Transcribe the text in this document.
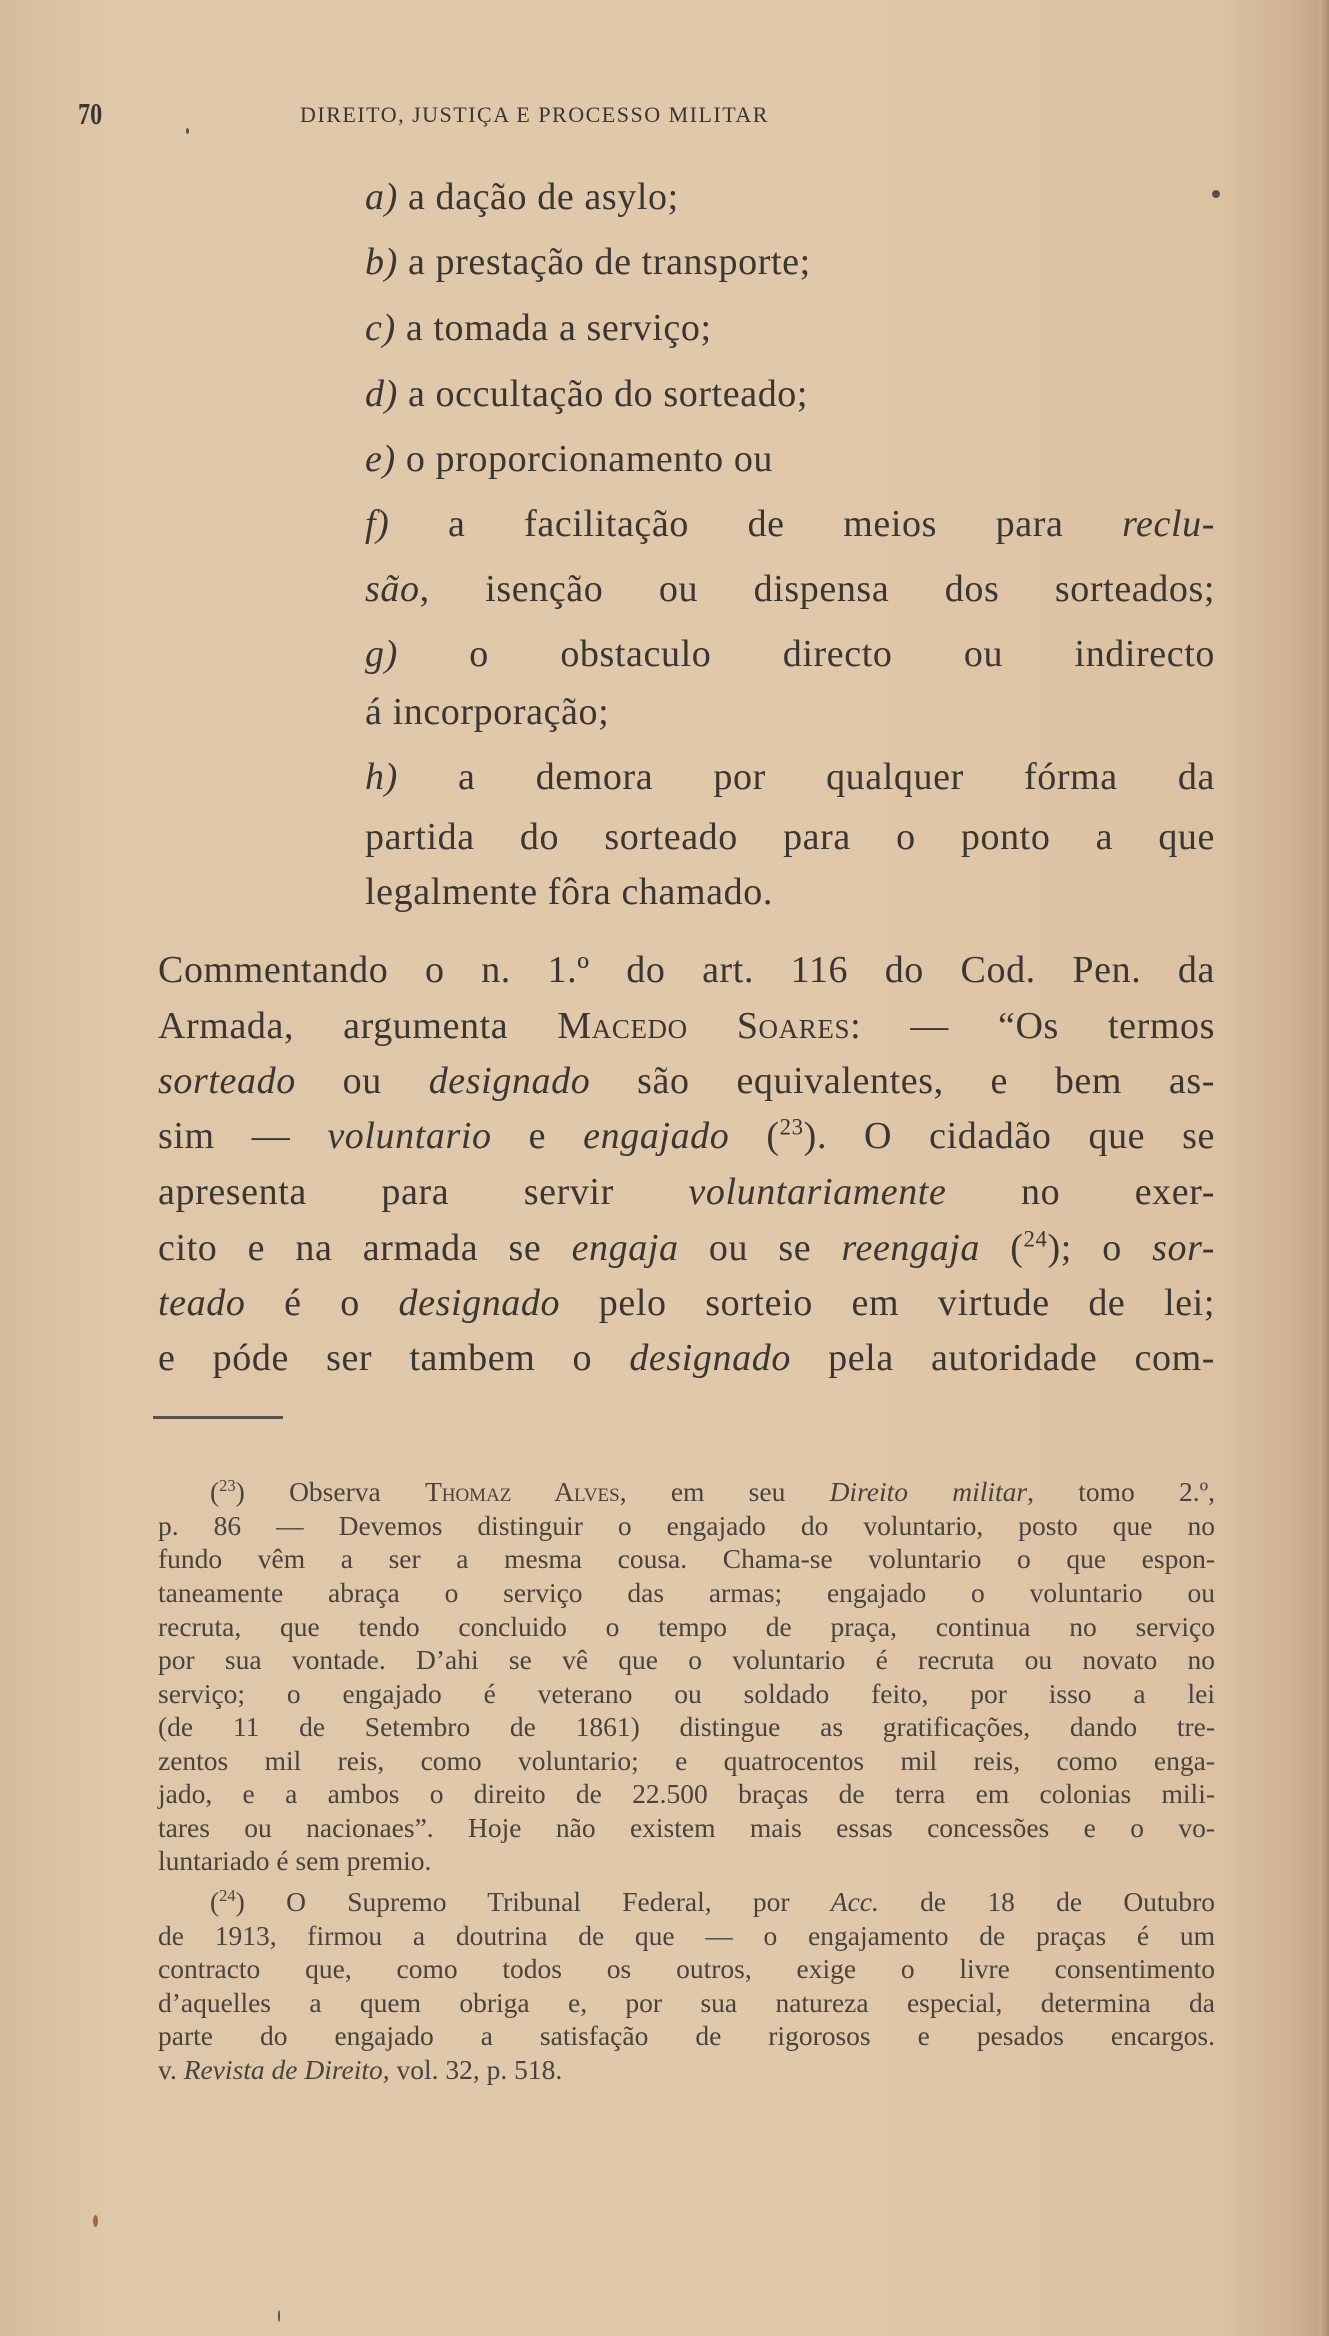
70	DIREITO, JUSTIÇA E PROCESSO MILITAR
a) a dação de asylo;
b) a prestação de transporte;
c) a tomada a serviço;
d) a occultação do sorteado;
e) o proporcionamento ou
f) a facilitação de meios para reclu-
são, isenção ou dispensa dos sorteados;
g) o obstaculo directo ou indirecto
á incorporação;
h) a demora por qualquer fórma da
partida do sorteado para o ponto a que
legalmente fôra chamado.
Commentando o n. 1.º do art. 116 do Cod. Pen. da
Armada, argumenta Macedo Soares: — “Os termos
sorteado ou designado são equivalentes, e bem as-
sim — voluntario e engajado ($^{23}$). O cidadão que se
apresenta para servir voluntariamente no exer-
cito e na armada se engaja ou se reengaja ($^{24}$); o sor-
teado é o designado pelo sorteio em virtude de lei;
e póde ser tambem o designado pela autoridade com-
($^{23}$) Observa Thomaz Alves, em seu Direito militar, tomo 2.º,
p. 86 — Devemos distinguir o engajado do voluntario, posto que no
fundo vêm a ser a mesma cousa. Chama-se voluntario o que espon-
taneamente abraça o serviço das armas; engajado o voluntario ou
recruta, que tendo concluido o tempo de praça, continua no serviço
por sua vontade. D’ahi se vê que o voluntario é recruta ou novato no
serviço; o engajado é veterano ou soldado feito, por isso a lei
(de 11 de Setembro de 1861) distingue as gratificações, dando tre-
zentos mil reis, como voluntario; e quatrocentos mil reis, como enga-
jado, e a ambos o direito de 22.500 braças de terra em colonias mili-
tares ou nacionaes”. Hoje não existem mais essas concessões e o vo-
luntariado é sem premio.
($^{24}$) O Supremo Tribunal Federal, por Acc. de 18 de Outubro
de 1913, firmou a doutrina de que — o engajamento de praças é um
contracto que, como todos os outros, exige o livre consentimento
d’aquelles a quem obriga e, por sua natureza especial, determina da
parte do engajado a satisfação de rigorosos e pesados encargos.
v. Revista de Direito, vol. 32, p. 518.
